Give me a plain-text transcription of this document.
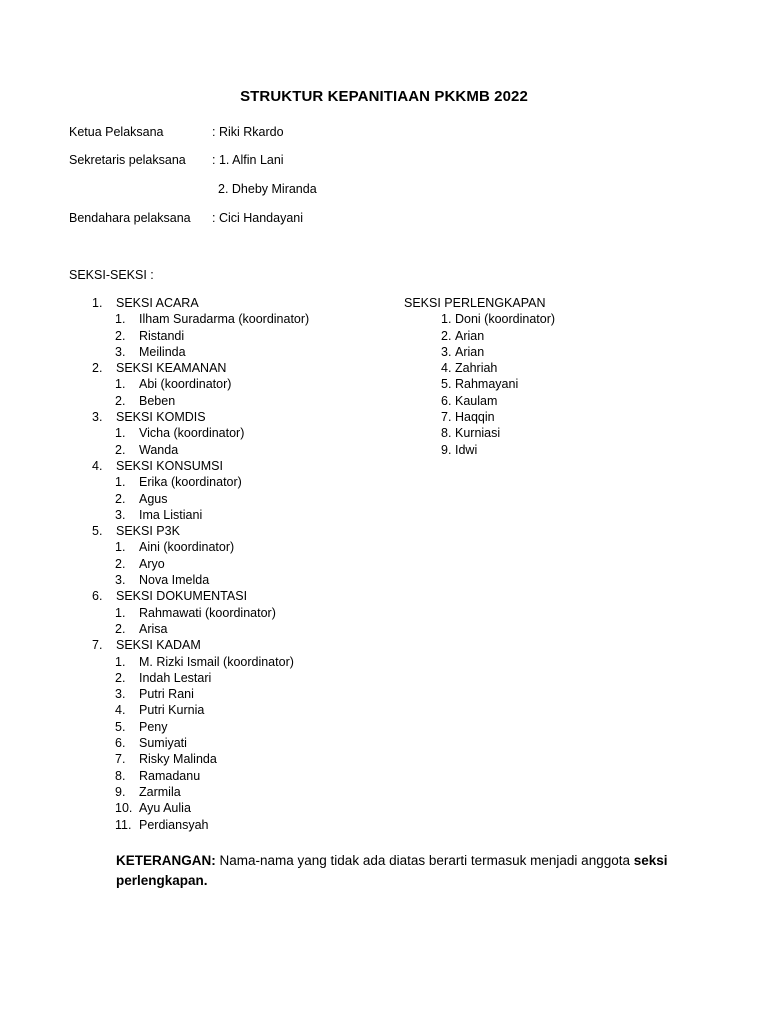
STRUKTUR KEPANITIAAN PKKMB 2022
Ketua Pelaksana	: Riki Rkardo
Sekretaris pelaksana : 1. Alfin Lani
2. Dheby Miranda
Bendahara pelaksana : Cici Handayani
SEKSI-SEKSI :
1. SEKSI ACARA
1. Ilham Suradarma (koordinator)
2. Ristandi
3. Meilinda
2. SEKSI KEAMANAN
1. Abi (koordinator)
2. Beben
3. SEKSI KOMDIS
1. Vicha (koordinator)
2. Wanda
4. SEKSI KONSUMSI
1. Erika (koordinator)
2. Agus
3. Ima Listiani
5. SEKSI P3K
1. Aini (koordinator)
2. Aryo
3. Nova Imelda
6. SEKSI DOKUMENTASI
1. Rahmawati (koordinator)
2. Arisa
7. SEKSI KADAM
1. M. Rizki Ismail (koordinator)
2. Indah Lestari
3. Putri Rani
4. Putri Kurnia
5. Peny
6. Sumiyati
7. Risky Malinda
8. Ramadanu
9. Zarmila
10. Ayu Aulia
11. Perdiansyah
SEKSI PERLENGKAPAN
1. Doni (koordinator)
2. Arian
3. Arian
4. Zahriah
5. Rahmayani
6. Kaulam
7. Haqqin
8. Kurniasi
9. Idwi
KETERANGAN: Nama-nama yang tidak ada diatas berarti termasuk menjadi anggota seksi perlengkapan.
